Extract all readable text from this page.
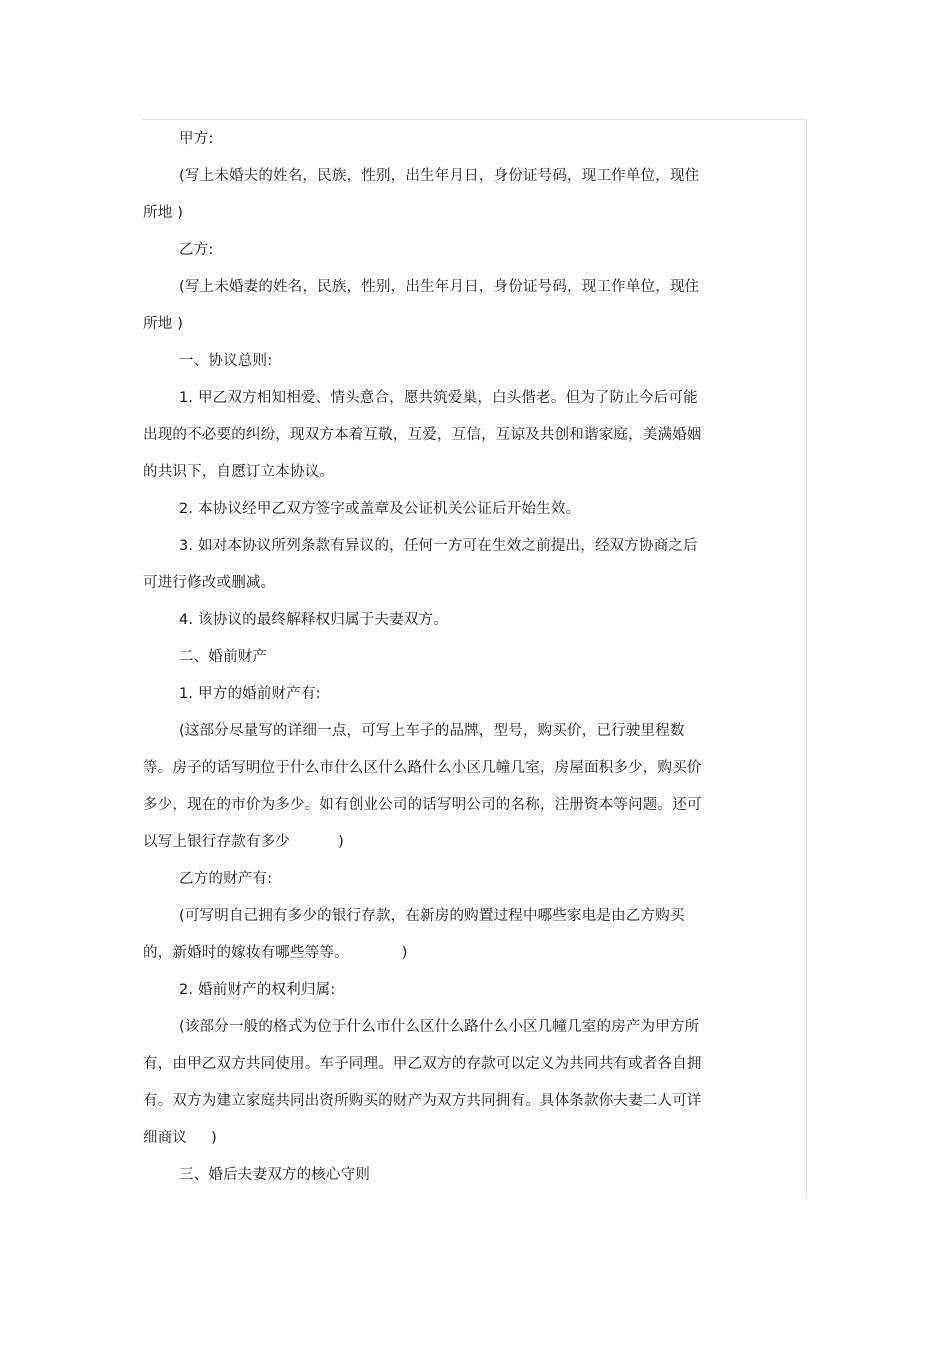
甲方:

(写上未婚夫的姓名，民族，性别，出生年月日，身份证号码，现工作单位，现住所地 )

乙方:

(写上未婚妻的姓名，民族，性别，出生年月日，身份证号码，现工作单位，现住所地 )

一、协议总则:

1. 甲乙双方相知相爱、情头意合，愿共筑爱巢，白头偕老。但为了防止今后可能出现的不必要的纠纷，现双方本着互敬，互爱，互信，互谅及共创和谐家庭，美满婚姻的共识下，自愿订立本协议。

2. 本协议经甲乙双方签字或盖章及公证机关公证后开始生效。

3. 如对本协议所列条款有异议的，任何一方可在生效之前提出，经双方协商之后可进行修改或删减。

4. 该协议的最终解释权归属于夫妻双方。

二、婚前财产

1. 甲方的婚前财产有:

(这部分尽量写的详细一点，可写上车子的品牌，型号，购买价，已行驶里程数等。房子的话写明位于什么市什么区什么路什么小区几幢几室，房屋面积多少，购买价多少，现在的市价为多少。如有创业公司的话写明公司的名称，注册资本等问题。还可以写上银行存款有多少          )

乙方的财产有:

(可写明自己拥有多少的银行存款，在新房的购置过程中哪些家电是由乙方购买的，新婚时的嫁妆有哪些等等。           )

2. 婚前财产的权利归属:

(该部分一般的格式为位于什么市什么区什么路什么小区几幢几室的房产为甲方所有，由甲乙双方共同使用。车子同理。甲乙双方的存款可以定义为共同共有或者各自拥有。双方为建立家庭共同出资所购买的财产为双方共同拥有。具体条款你夫妻二人可详细商议     )

三、婚后夫妻双方的核心守则
